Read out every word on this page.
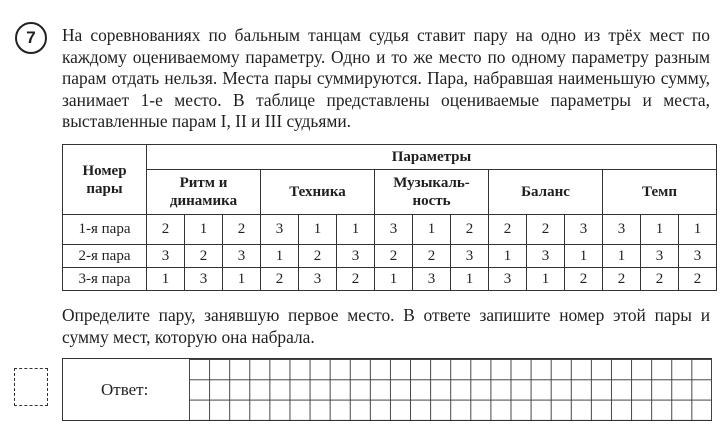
7 На соревнованиях по бальным танцам судья ставит пару на одно из трёх мест по каждому оцениваемому параметру. Одно и то же место по одному параметру разным парам отдать нельзя. Места пары суммируются. Пара, набравшая наименьшую сумму, занимает 1-е место. В таблице представлены оцениваемые параметры и места, выставленные парам I, II и III судьями.

Номер пары	Параметры														
	Ритм и динамика			Техника			Музыкаль-ность			Баланс			Темп		
1-я пара	2	1	2	3	1	1	3	1	2	2	2	3	3	1	1
2-я пара	3	2	3	1	2	3	2	2	3	1	3	1	1	3	3
3-я пара	1	3	1	2	3	2	1	3	1	3	1	2	2	2	2

Определите пару, занявшую первое место. В ответе запишите номер этой пары и сумму мест, которую она набрала.

Ответ:
